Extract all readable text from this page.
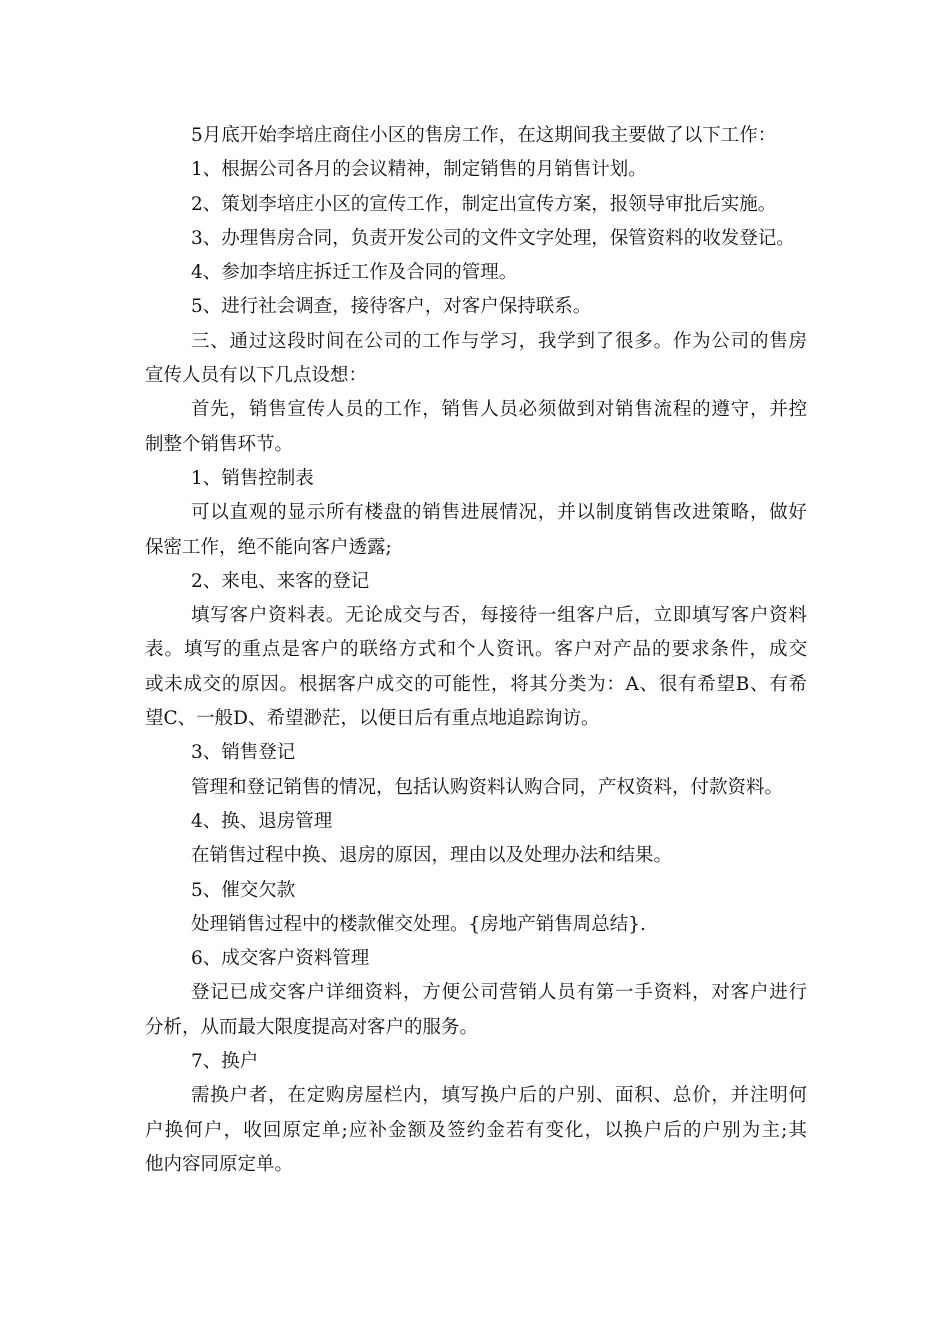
5月底开始李培庄商住小区的售房工作，在这期间我主要做了以下工作：
1、根据公司各月的会议精神，制定销售的月销售计划。
2、策划李培庄小区的宣传工作，制定出宣传方案，报领导审批后实施。
3、办理售房合同，负责开发公司的文件文字处理，保管资料的收发登记。
4、参加李培庄拆迁工作及合同的管理。
5、进行社会调查，接待客户，对客户保持联系。
三、通过这段时间在公司的工作与学习，我学到了很多。作为公司的售房
宣传人员有以下几点设想：
首先，销售宣传人员的工作，销售人员必须做到对销售流程的遵守，并控
制整个销售环节。
1、销售控制表
可以直观的显示所有楼盘的销售进展情况，并以制度销售改进策略，做好
保密工作，绝不能向客户透露;
2、来电、来客的登记
填写客户资料表。无论成交与否，每接待一组客户后，立即填写客户资料
表。填写的重点是客户的联络方式和个人资讯。客户对产品的要求条件，成交
或未成交的原因。根据客户成交的可能性，将其分类为：A、很有希望B、有希
望C、一般D、希望渺茫，以便日后有重点地追踪询访。
3、销售登记
管理和登记销售的情况，包括认购资料认购合同，产权资料，付款资料。
4、换、退房管理
在销售过程中换、退房的原因，理由以及处理办法和结果。
5、催交欠款
处理销售过程中的楼款催交处理。{房地产销售周总结}.
6、成交客户资料管理
登记已成交客户详细资料，方便公司营销人员有第一手资料，对客户进行
分析，从而最大限度提高对客户的服务。
7、换户
需换户者，在定购房屋栏内，填写换户后的户别、面积、总价，并注明何
户换何户，收回原定单;应补金额及签约金若有变化，以换户后的户别为主;其
他内容同原定单。
